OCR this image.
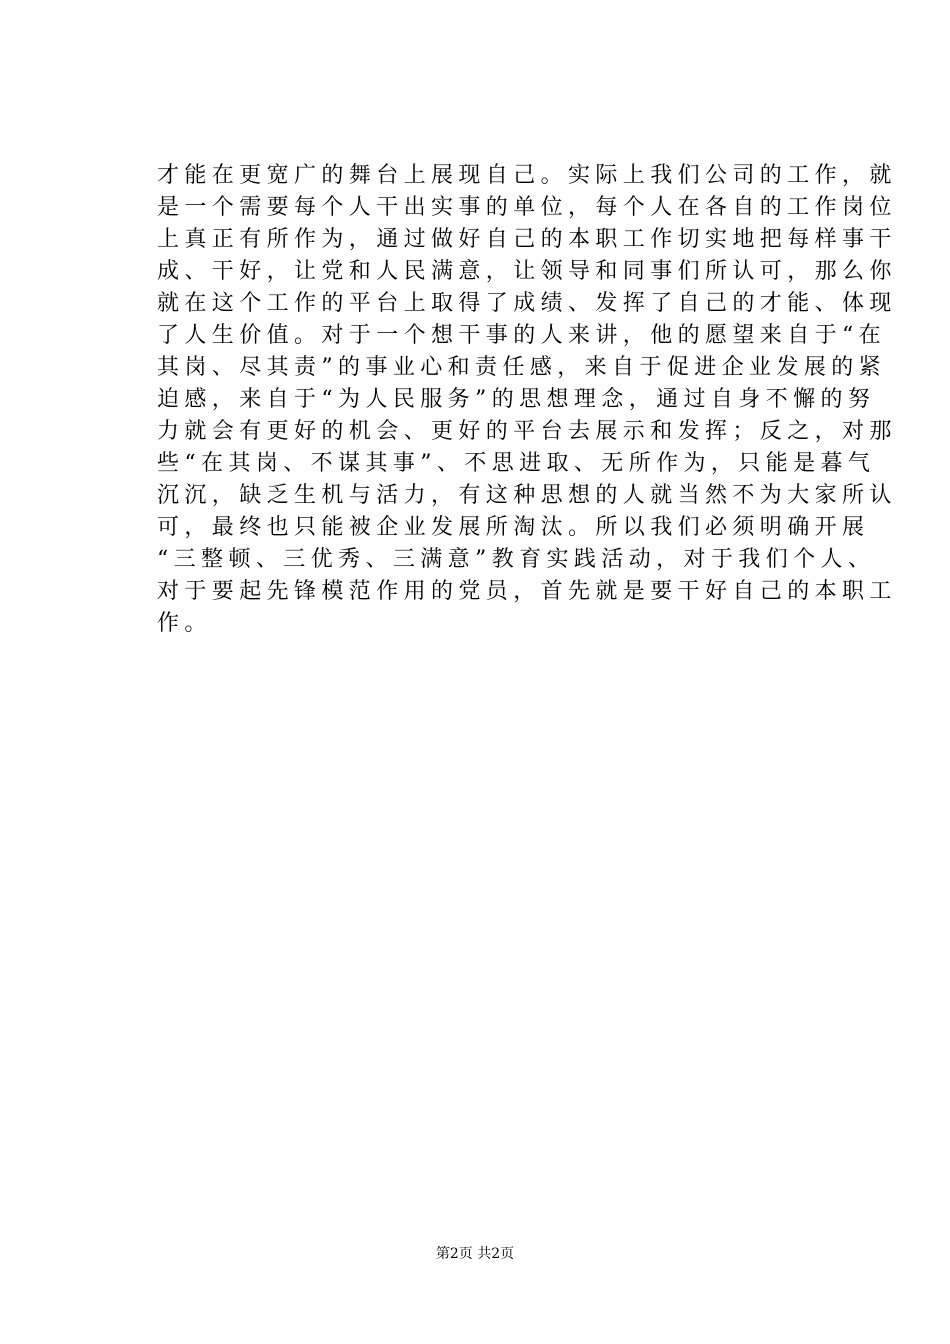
才能在更宽广的舞台上展现自己。实际上我们公司的工作，就
是一个需要每个人干出实事的单位，每个人在各自的工作岗位
上真正有所作为，通过做好自己的本职工作切实地把每样事干
成、干好，让党和人民满意，让领导和同事们所认可，那么你
就在这个工作的平台上取得了成绩、发挥了自己的才能、体现
了人生价值。对于一个想干事的人来讲，他的愿望来自于“在
其岗、尽其责”的事业心和责任感，来自于促进企业发展的紧
迫感，来自于“为人民服务”的思想理念，通过自身不懈的努
力就会有更好的机会、更好的平台去展示和发挥；反之，对那
些“在其岗、不谋其事”、不思进取、无所作为，只能是暮气
沉沉，缺乏生机与活力，有这种思想的人就当然不为大家所认
可，最终也只能被企业发展所淘汰。所以我们必须明确开展
“三整顿、三优秀、三满意”教育实践活动，对于我们个人、
对于要起先锋模范作用的党员，首先就是要干好自己的本职工
作。
第2页 共2页
